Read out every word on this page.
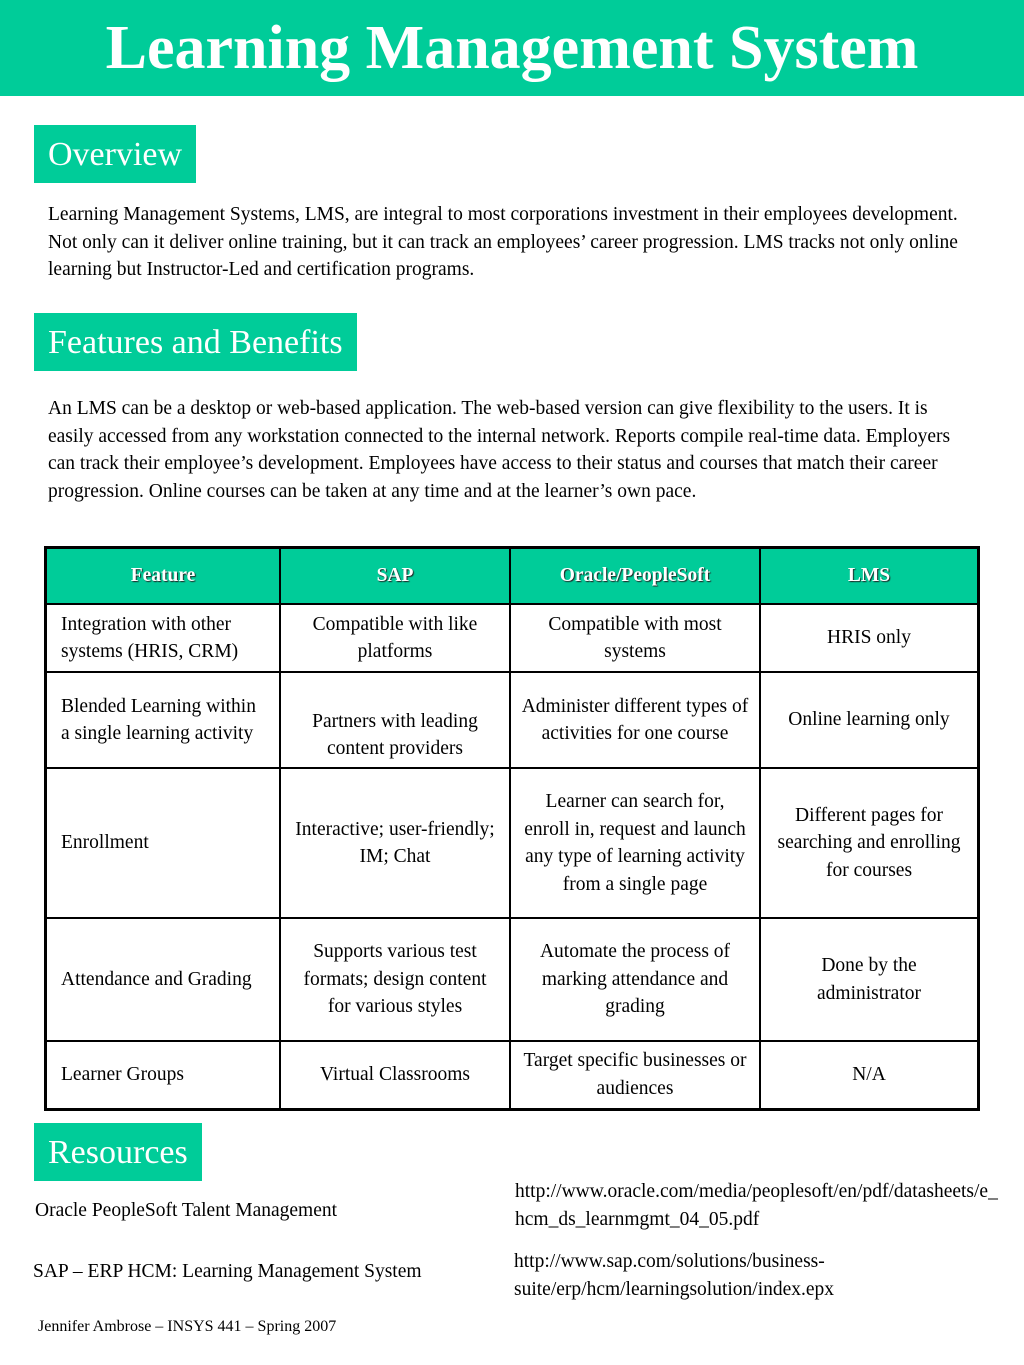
Learning Management System
Overview

Learning Management Systems, LMS, are integral to most corporations investment in their employees development. Not only can it deliver online training, but it can track an employees’ career progression. LMS tracks not only online learning but Instructor-Led and certification programs.

Features and Benefits

An LMS can be a desktop or web-based application. The web-based version can give flexibility to the users. It is easily accessed from any workstation connected to the internal network. Reports compile real-time data. Employers can track their employee’s development. Employees have access to their status and courses that match their career progression. Online courses can be taken at any time and at the learner’s own pace.

Feature	SAP	Oracle/PeopleSoft	LMS
Integration with other systems (HRIS, CRM)	Compatible with like platforms	Compatible with most systems	HRIS only
Blended Learning within a single learning activity	Partners with leading content providers	Administer different types of activities for one course	Online learning only
Enrollment	Interactive; user-friendly; IM; Chat	Learner can search for, enroll in, request and launch any type of learning activity from a single page	Different pages for searching and enrolling for courses
Attendance and Grading	Supports various test formats; design content for various styles	Automate the process of marking attendance and grading	Done by the administrator
Learner Groups	Virtual Classrooms	Target specific businesses or audiences	N/A
Resources
Oracle PeopleSoft Talent Management
http://www.oracle.com/media/peoplesoft/en/pdf/datasheets/e_hcm_ds_learnmgmt_04_05.pdf
SAP – ERP HCM: Learning Management System	http://www.sap.com/solutions/business-suite/erp/hcm/learningsolution/index.epx
Jennifer Ambrose – INSYS 441 – Spring 2007
